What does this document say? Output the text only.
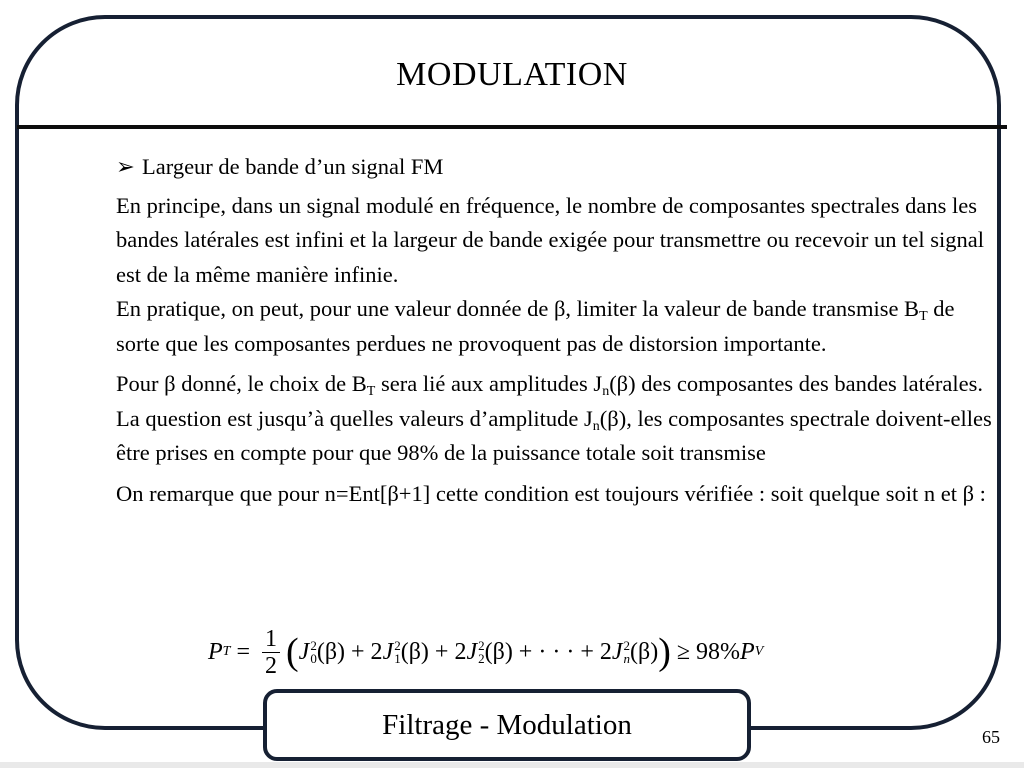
MODULATION
➢ Largeur de bande d’un signal FM

En principe, dans un signal modulé en fréquence, le nombre de composantes spectrales dans les bandes latérales est infini et la largeur de bande exigée pour transmettre ou recevoir un tel signal est de la même manière infinie.
En pratique, on peut, pour une valeur donnée de β, limiter la valeur de bande transmise $B_T$ de sorte que les composantes perdues ne provoquent pas de distorsion importante.

Pour β donné, le choix de $B_T$ sera lié aux amplitudes $J_n(\beta)$ des composantes des bandes latérales. La question est jusqu’à quelles valeurs d’amplitude $J_n(\beta)$, les composantes spectrale doivent-elles être prises en compte pour que 98% de la puissance totale soit transmise

On remarque que pour n=Ent[β+1] cette condition est toujours vérifiée : soit quelque soit n et β :

P $T = \frac{1}{2}$ ( J 2
0 (β) + 2 J 2
1 (β) + 2 J 2
2 (β) + · · · + 2 J 2
n (β) ) ≥ 98% P V
Filtrage - Modulation	65
